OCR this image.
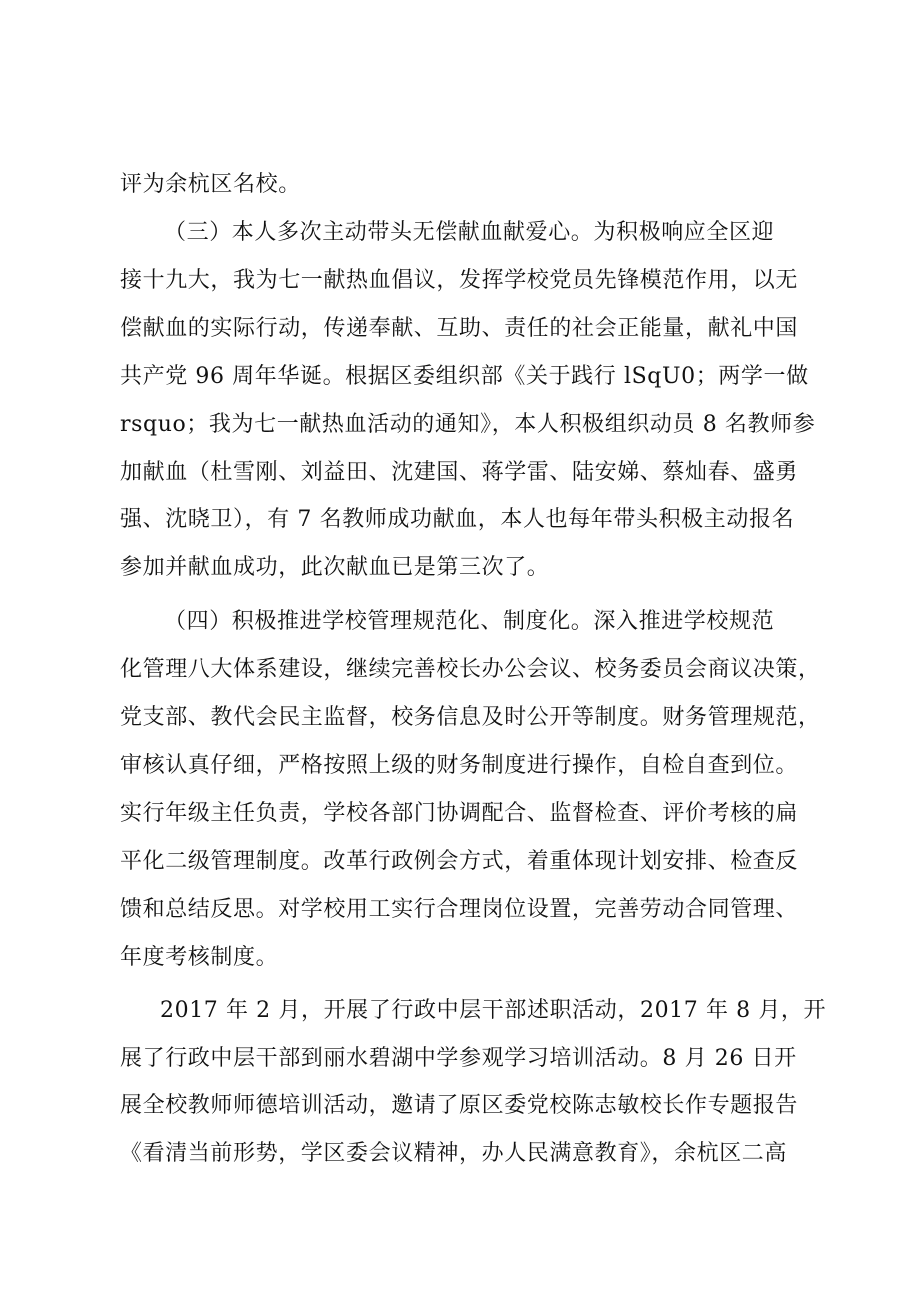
评为余杭区名校。
（三）本人多次主动带头无偿献血献爱心。为积极响应全区迎
接十九大，我为七一献热血倡议，发挥学校党员先锋模范作用，以无
偿献血的实际行动，传递奉献、互助、责任的社会正能量，献礼中国
共产党 96 周年华诞。根据区委组织部《关于践行 lSqU0；两学一做
rsquo；我为七一献热血活动的通知》，本人积极组织动员 8 名教师参
加献血（杜雪刚、刘益田、沈建国、蒋学雷、陆安娣、蔡灿春、盛勇
强、沈晓卫），有 7 名教师成功献血，本人也每年带头积极主动报名
参加并献血成功，此次献血已是第三次了。
（四）积极推进学校管理规范化、制度化。深入推进学校规范
化管理八大体系建设，继续完善校长办公会议、校务委员会商议决策，
党支部、教代会民主监督，校务信息及时公开等制度。财务管理规范，
审核认真仔细，严格按照上级的财务制度进行操作，自检自查到位。
实行年级主任负责，学校各部门协调配合、监督检查、评价考核的扁
平化二级管理制度。改革行政例会方式，着重体现计划安排、检查反
馈和总结反思。对学校用工实行合理岗位设置，完善劳动合同管理、
年度考核制度。
2017 年 2 月，开展了行政中层干部述职活动，2017 年 8 月，开
展了行政中层干部到丽水碧湖中学参观学习培训活动。8 月 26 日开
展全校教师师德培训活动，邀请了原区委党校陈志敏校长作专题报告
《看清当前形势，学区委会议精神，办人民满意教育》，余杭区二高
